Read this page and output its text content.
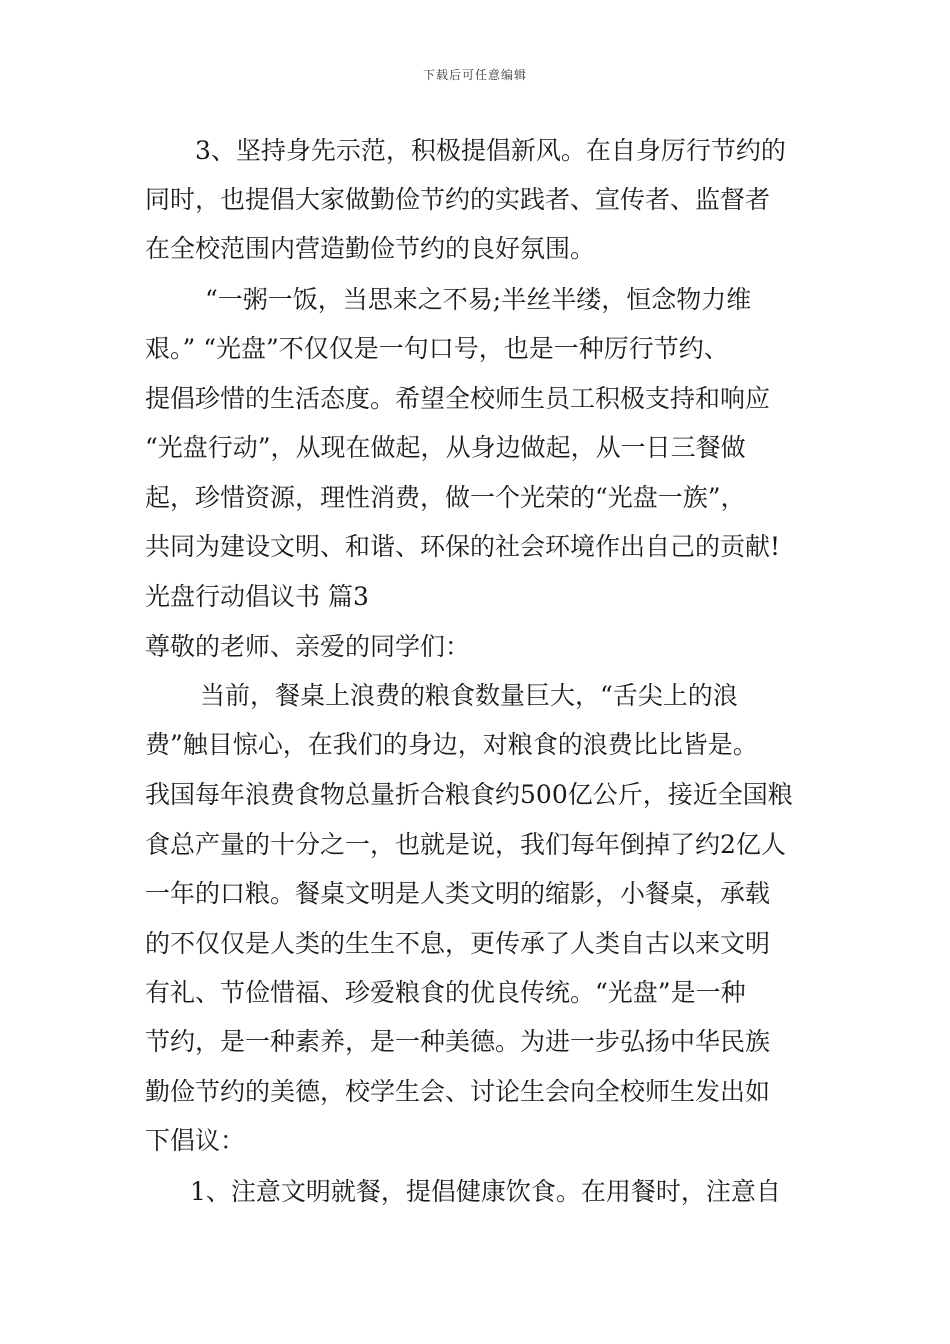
下载后可任意编辑
3、坚持身先示范，积极提倡新风。在自身厉行节约的
同时，也提倡大家做勤俭节约的实践者、宣传者、监督者
在全校范围内营造勤俭节约的良好氛围。
“一粥一饭，当思来之不易;半丝半缕，恒念物力维
艰。” “光盘”不仅仅是一句口号，也是一种厉行节约、
提倡珍惜的生活态度。希望全校师生员工积极支持和响应
“光盘行动”，从现在做起，从身边做起，从一日三餐做
起，珍惜资源，理性消费，做一个光荣的“光盘一族”，
共同为建设文明、和谐、环保的社会环境作出自己的贡献!
光盘行动倡议书 篇3
尊敬的老师、亲爱的同学们：
当前，餐桌上浪费的粮食数量巨大，“舌尖上的浪
费”触目惊心，在我们的身边，对粮食的浪费比比皆是。
我国每年浪费食物总量折合粮食约500亿公斤，接近全国粮
食总产量的十分之一，也就是说，我们每年倒掉了约2亿人
一年的口粮。餐桌文明是人类文明的缩影，小餐桌，承载
的不仅仅是人类的生生不息，更传承了人类自古以来文明
有礼、节俭惜福、珍爱粮食的优良传统。“光盘”是一种
节约，是一种素养，是一种美德。为进一步弘扬中华民族
勤俭节约的美德，校学生会、讨论生会向全校师生发出如
下倡议：
1、注意文明就餐，提倡健康饮食。在用餐时，注意自
